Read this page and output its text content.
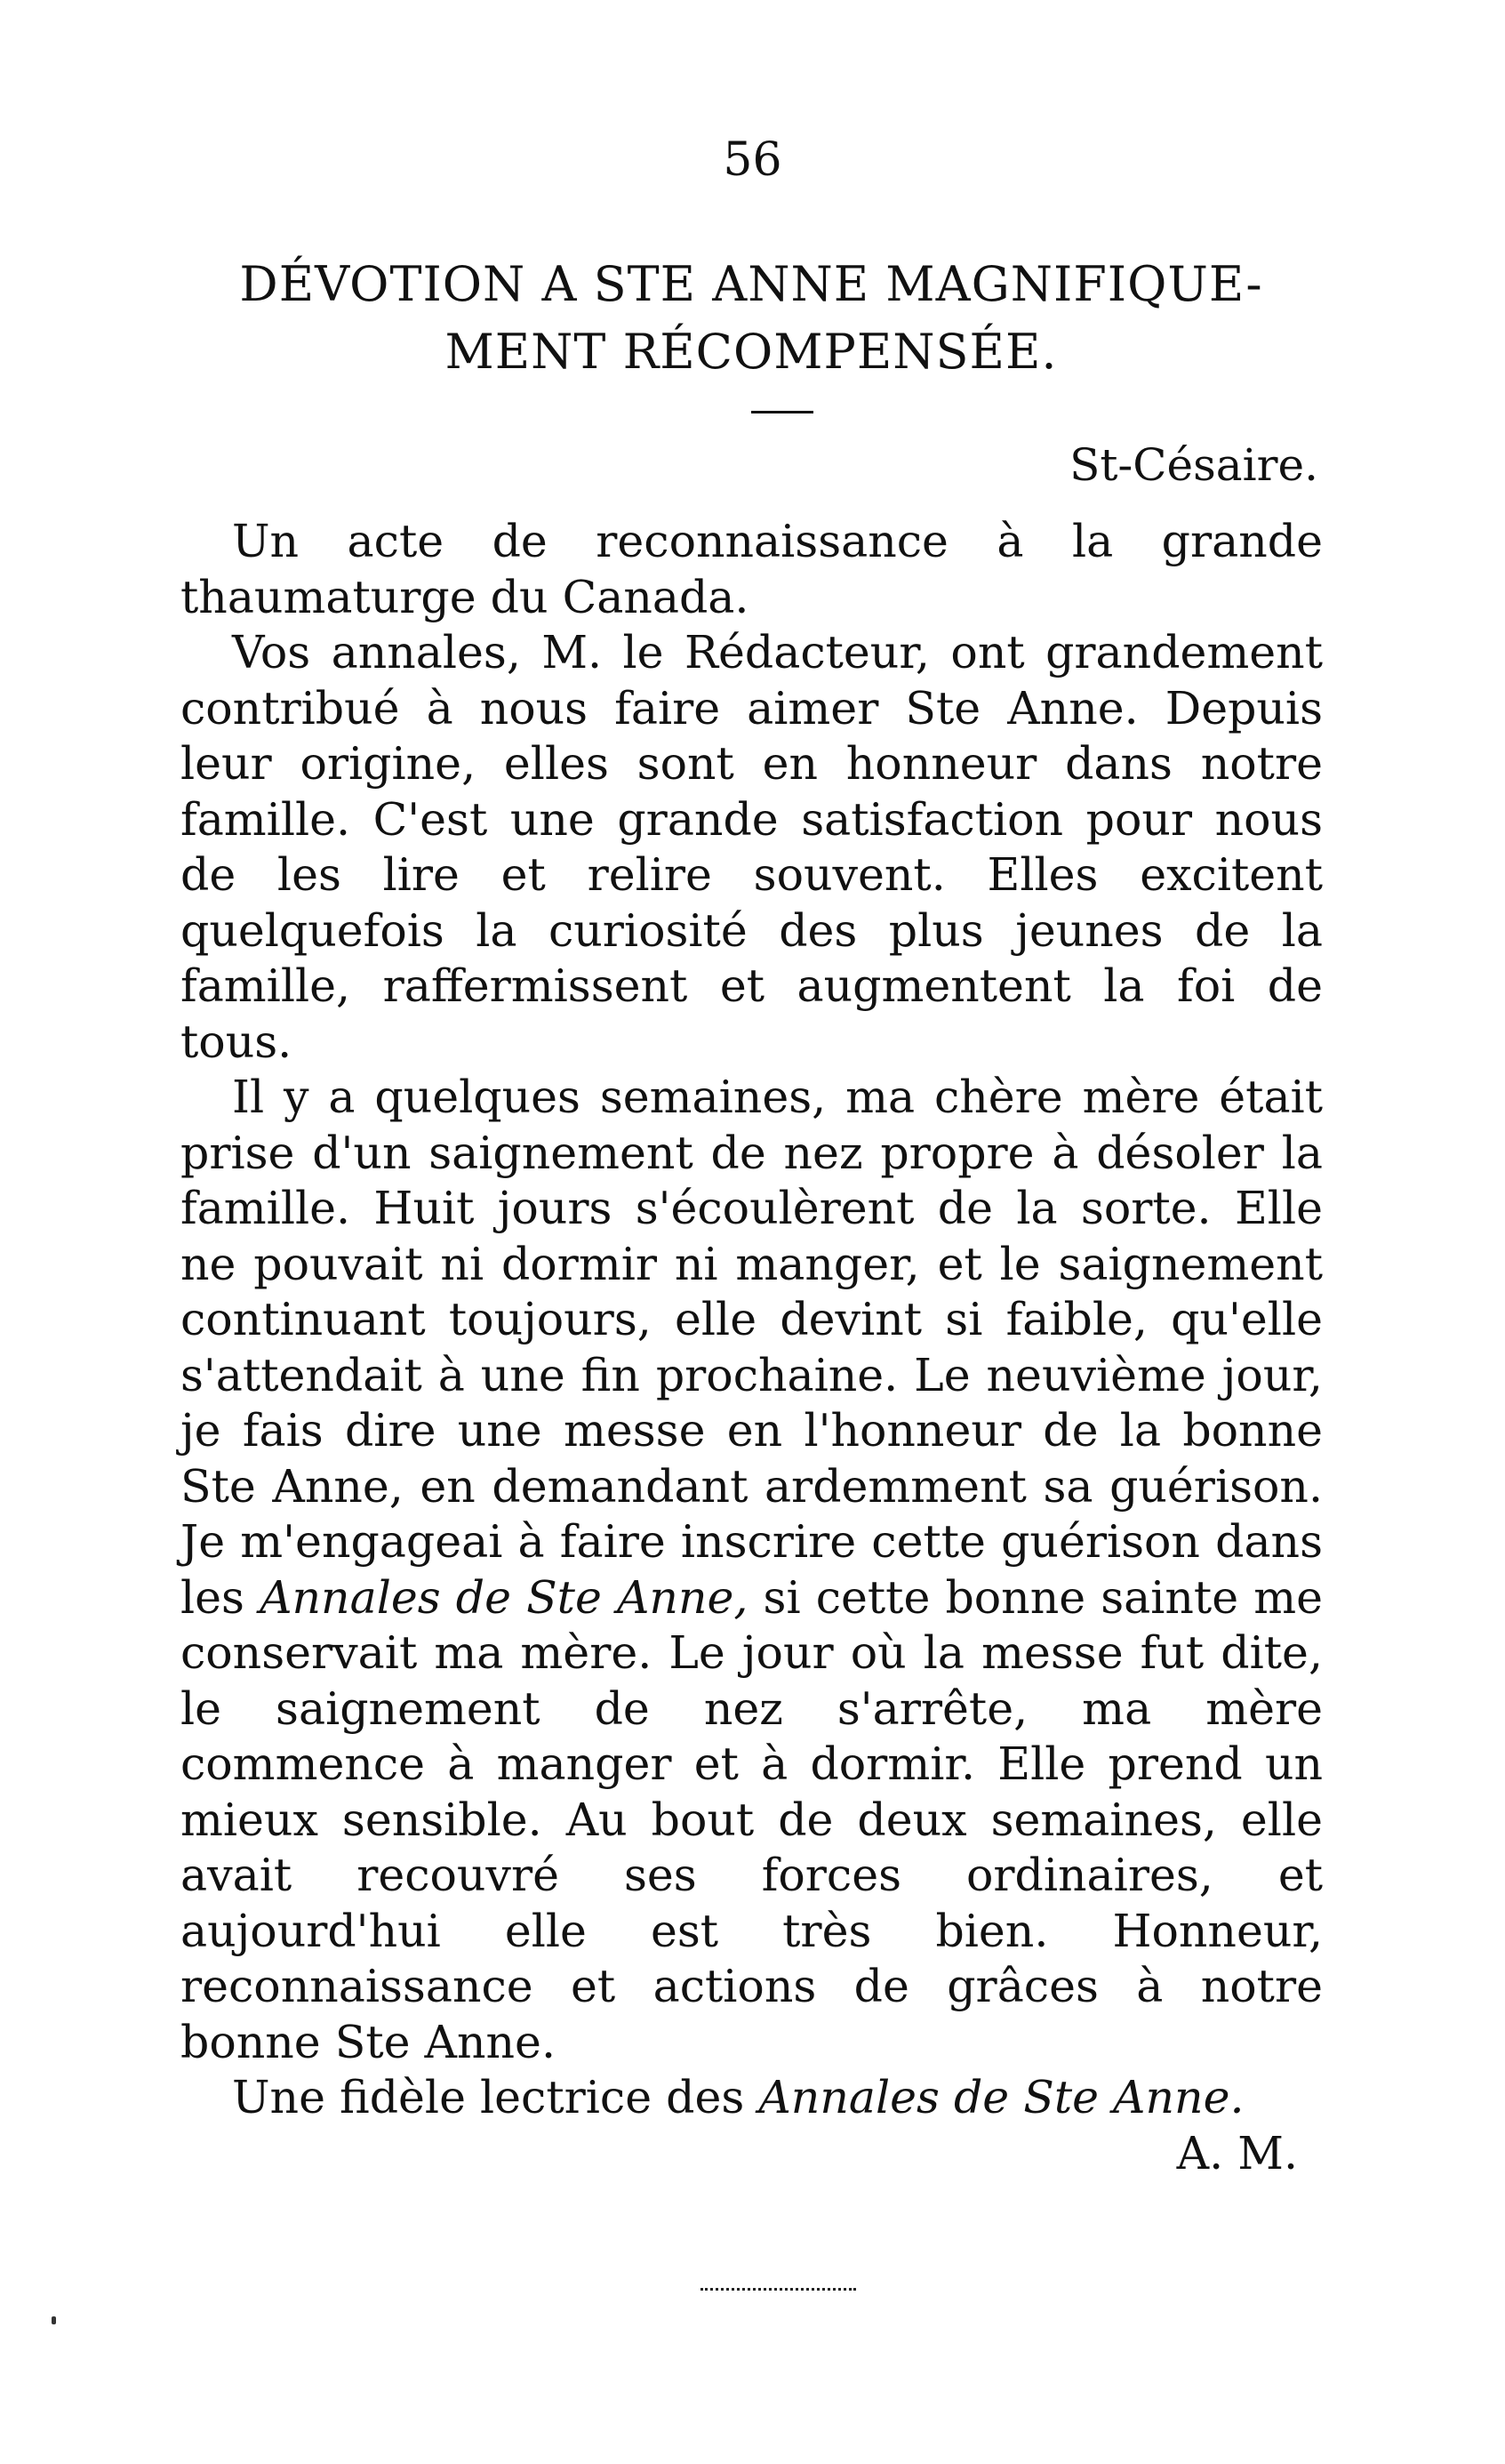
56
DÉVOTION A STE ANNE MAGNIFIQUE-
MENT RÉCOMPENSÉE.
St-Césaire.

Un acte de reconnaissance à la grande thaumaturge du Canada.

Vos annales, M. le Rédacteur, ont grandement contribué à nous faire aimer Ste Anne. Depuis leur origine, elles sont en honneur dans notre famille. C'est une grande satisfaction pour nous de les lire et relire souvent. Elles excitent quelquefois la curiosité des plus jeunes de la famille, raffermissent et augmentent la foi de tous.

Il y a quelques semaines, ma chère mère était prise d'un saignement de nez propre à désoler la famille. Huit jours s'écoulèrent de la sorte. Elle ne pouvait ni dormir ni manger, et le saignement continuant toujours, elle devint si faible, qu'elle s'attendait à une fin prochaine. Le neuvième jour, je fais dire une messe en l'honneur de la bonne Ste Anne, en demandant ardemment sa guérison. Je m'engageai à faire inscrire cette guérison dans les Annales de Ste Anne, si cette bonne sainte me conservait ma mère. Le jour où la messe fut dite, le saignement de nez s'arrête, ma mère commence à manger et à dormir. Elle prend un mieux sensible. Au bout de deux semaines, elle avait recouvré ses forces ordinaires, et aujourd'hui elle est très bien. Honneur, reconnaissance et actions de grâces à notre bonne Ste Anne.

Une fidèle lectrice des Annales de Ste Anne.

A. M.
